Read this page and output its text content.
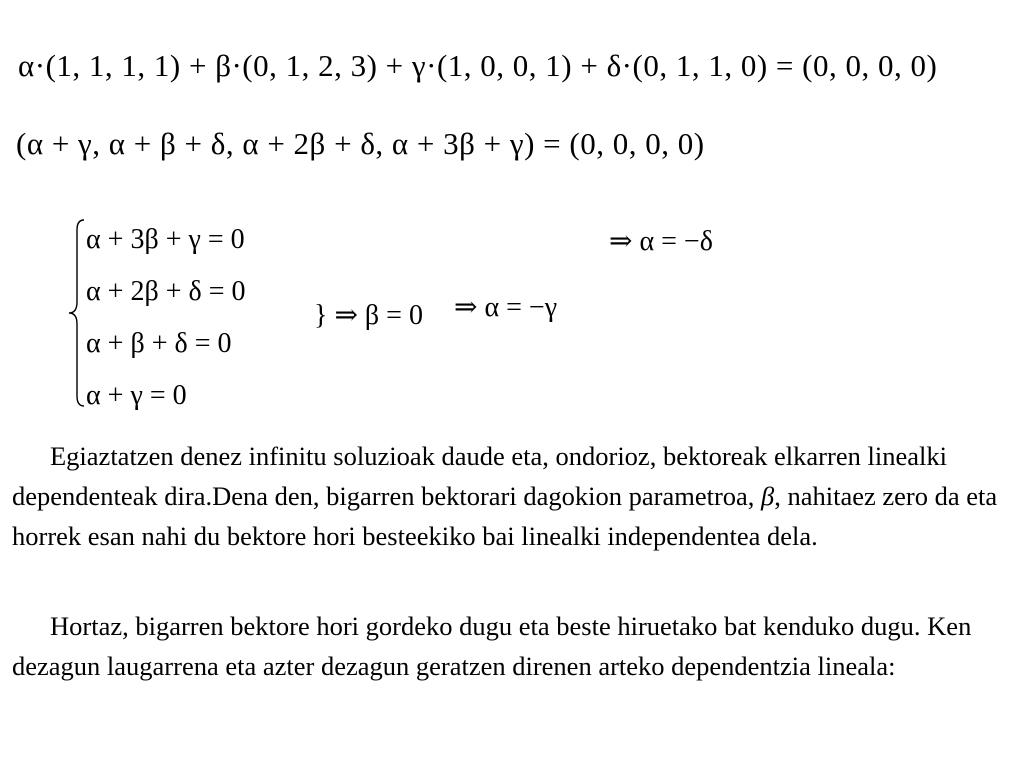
α·(1, 1, 1, 1) + β·(0, 1, 2, 3) + γ·(1, 0, 0, 1) + δ·(0, 1, 1, 0) = (0, 0, 0, 0)
(α + γ, α + β + δ, α + 2β + δ, α + 3β + γ) = (0, 0, 0, 0)
α + 3β + γ = 0
α + 2β + δ = 0
α + β + δ = 0
α + γ = 0
} ⇒ β = 0 ⇒ α = −γ
⇒ α = −δ

Egiaztatzen denez infinitu soluzioak daude eta, ondorioz, bektoreak elkarren linealki dependenteak dira.Dena den, bigarren bektorari dagokion parametroa, β, nahitaez zero da eta horrek esan nahi du bektore hori besteekiko bai linealki independentea dela.

Hortaz, bigarren bektore hori gordeko dugu eta beste hiruetako bat kenduko dugu. Ken dezagun laugarrena eta azter dezagun geratzen direnen arteko dependentzia lineala:
